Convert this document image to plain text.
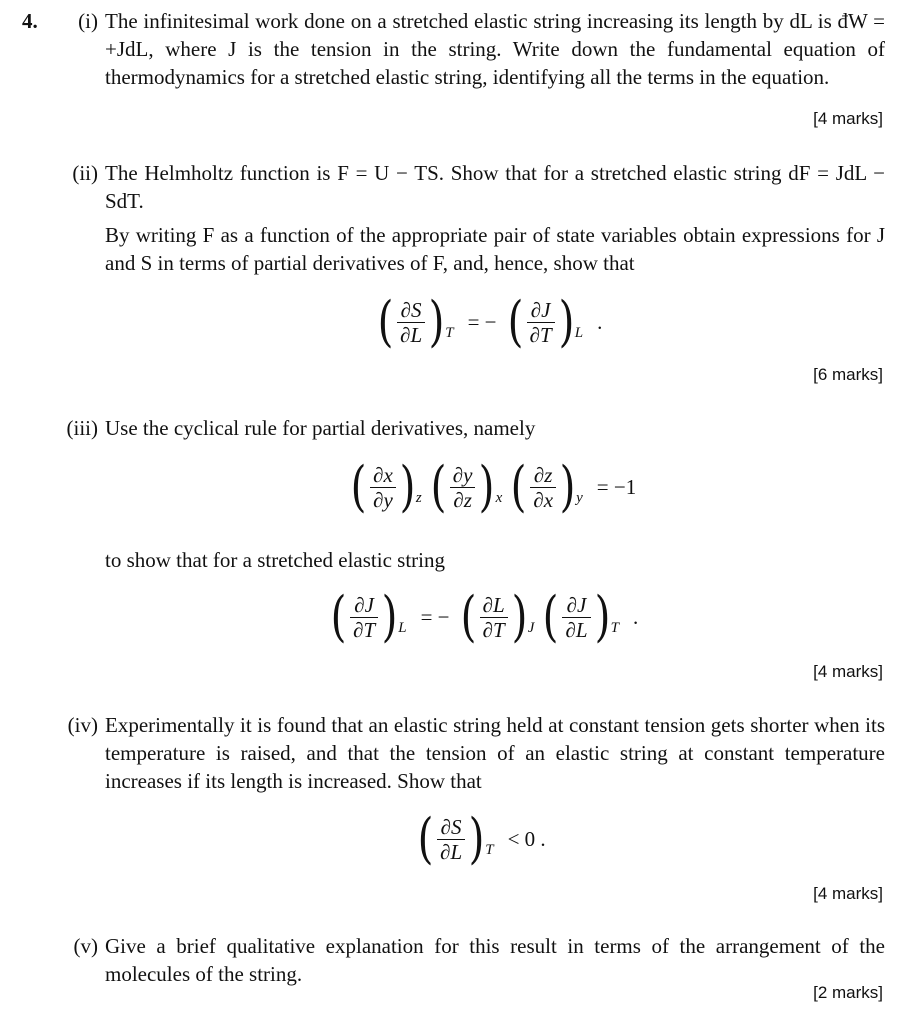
4.	(i) The infinitesimal work done on a stretched elastic string increasing its length by dL is đW = +JdL, where J is the tension in the string. Write down the fundamental equation of thermodynamics for a stretched elastic string, identifying all the terms in the equation.
[4 marks]
(ii) The Helmholtz function is F = U − TS. Show that for a stretched elastic string dF = JdL − SdT.
By writing F as a function of the appropriate pair of state variables obtain expressions for J and S in terms of partial derivatives of F, and, hence, show that
( $\frac{\partial S}{\partial L}$ ) T = − ( $\frac{\partial J}{\partial T}$ ) L .
[6 marks]
(iii) Use the cyclical rule for partial derivatives, namely
( $\frac{\partial x}{\partial y}$ ) z ( $\frac{\partial y}{\partial z}$ ) x ( $\frac{\partial z}{\partial x}$ ) y = −1
to show that for a stretched elastic string
( $\frac{\partial J}{\partial T}$ ) L = − ( $\frac{\partial L}{\partial T}$ ) J ( $\frac{\partial J}{\partial L}$ ) T .
[4 marks]
(iv) Experimentally it is found that an elastic string held at constant tension gets shorter when its temperature is raised, and that the tension of an elastic string at constant temperature increases if its length is increased. Show that
( $\frac{\partial S}{\partial L}$ ) T < 0 .
[4 marks]
(v) Give a brief qualitative explanation for this result in terms of the arrangement of the molecules of the string.
[2 marks]
